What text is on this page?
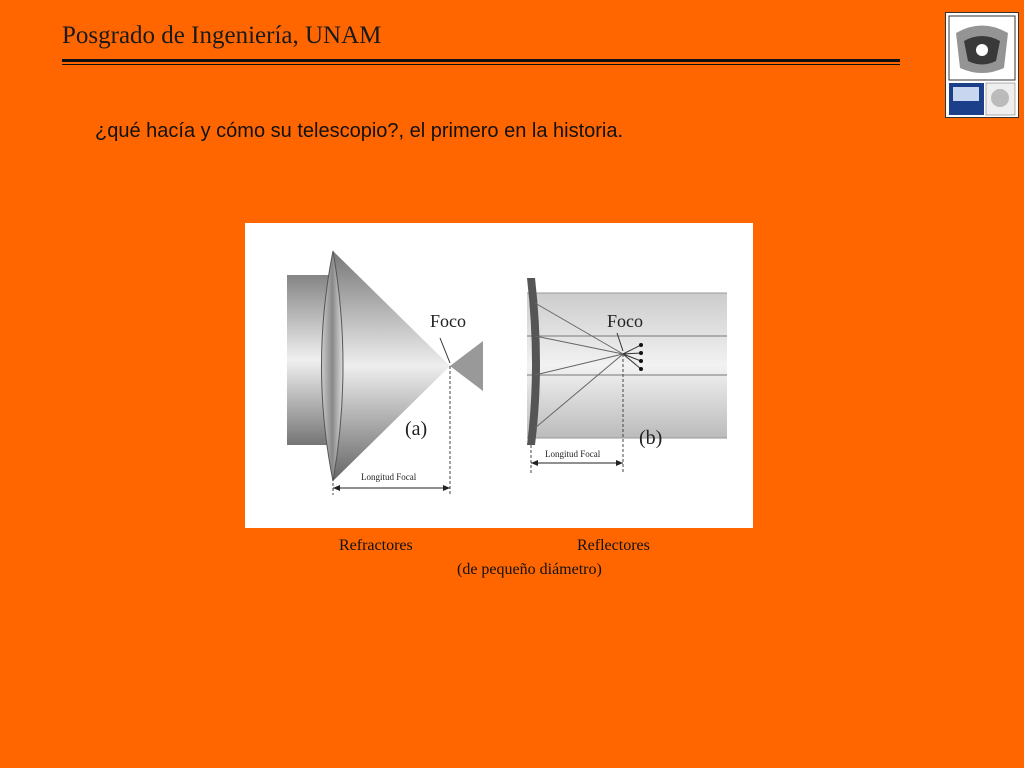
Posgrado de Ingeniería, UNAM
¿qué hacía y cómo su telescopio?, el primero en la historia.
Foco
(a)
Longitud Focal
Foco
(b)
Longitud Focal
Refractores	Reflectores
(de pequeño diámetro)
